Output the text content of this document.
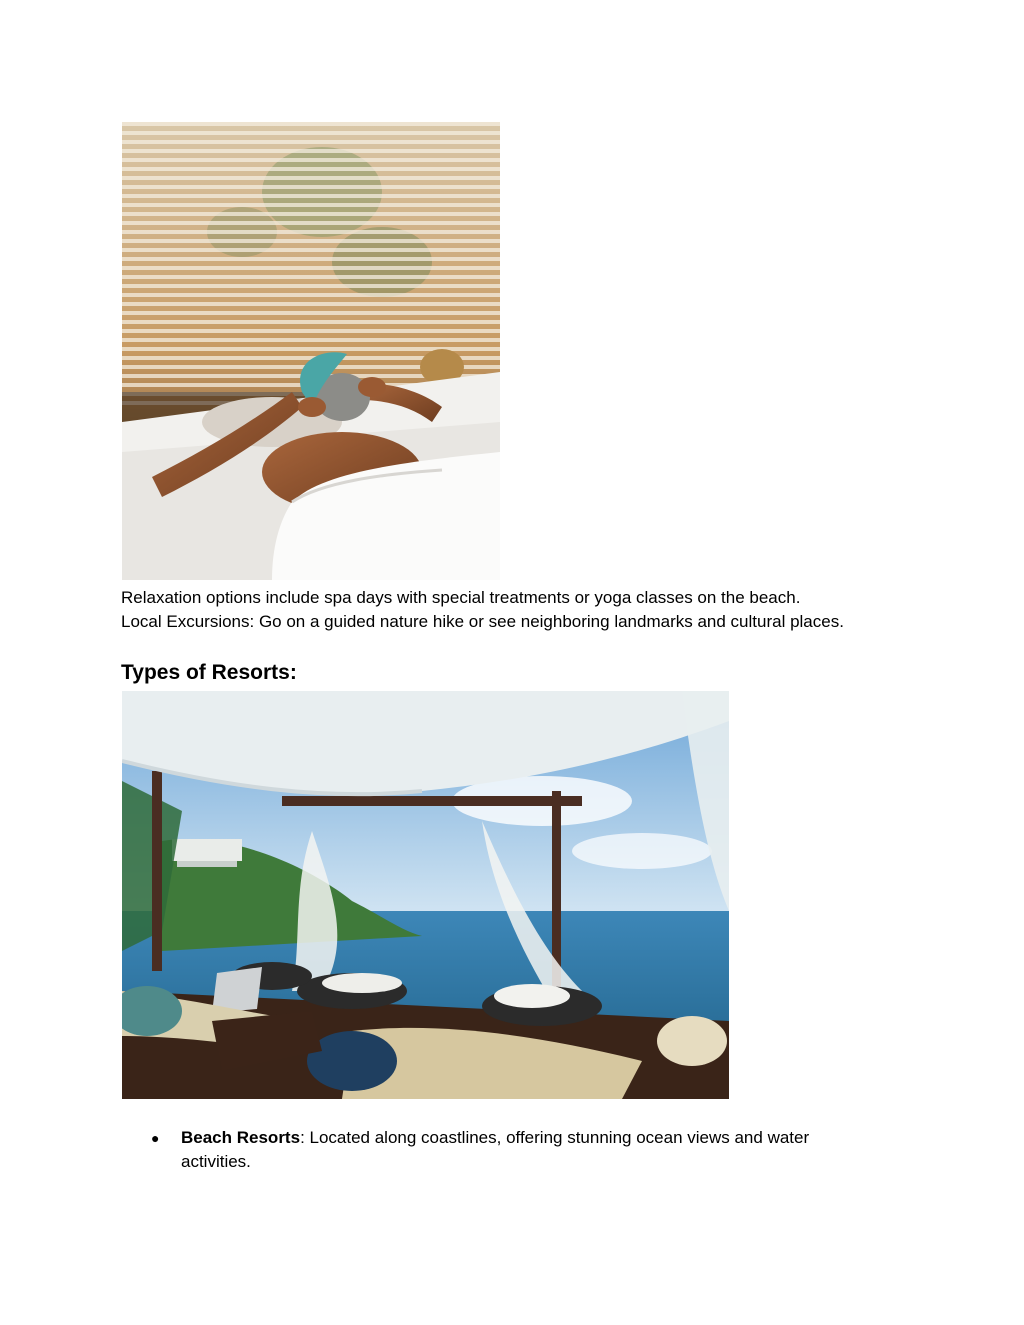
Relaxation options include spa days with special treatments or yoga classes on the beach.
Local Excursions: Go on a guided nature hike or see neighboring landmarks and cultural places.
Types of Resorts:
● Beach Resorts: Located along coastlines, offering stunning ocean views and water activities.
